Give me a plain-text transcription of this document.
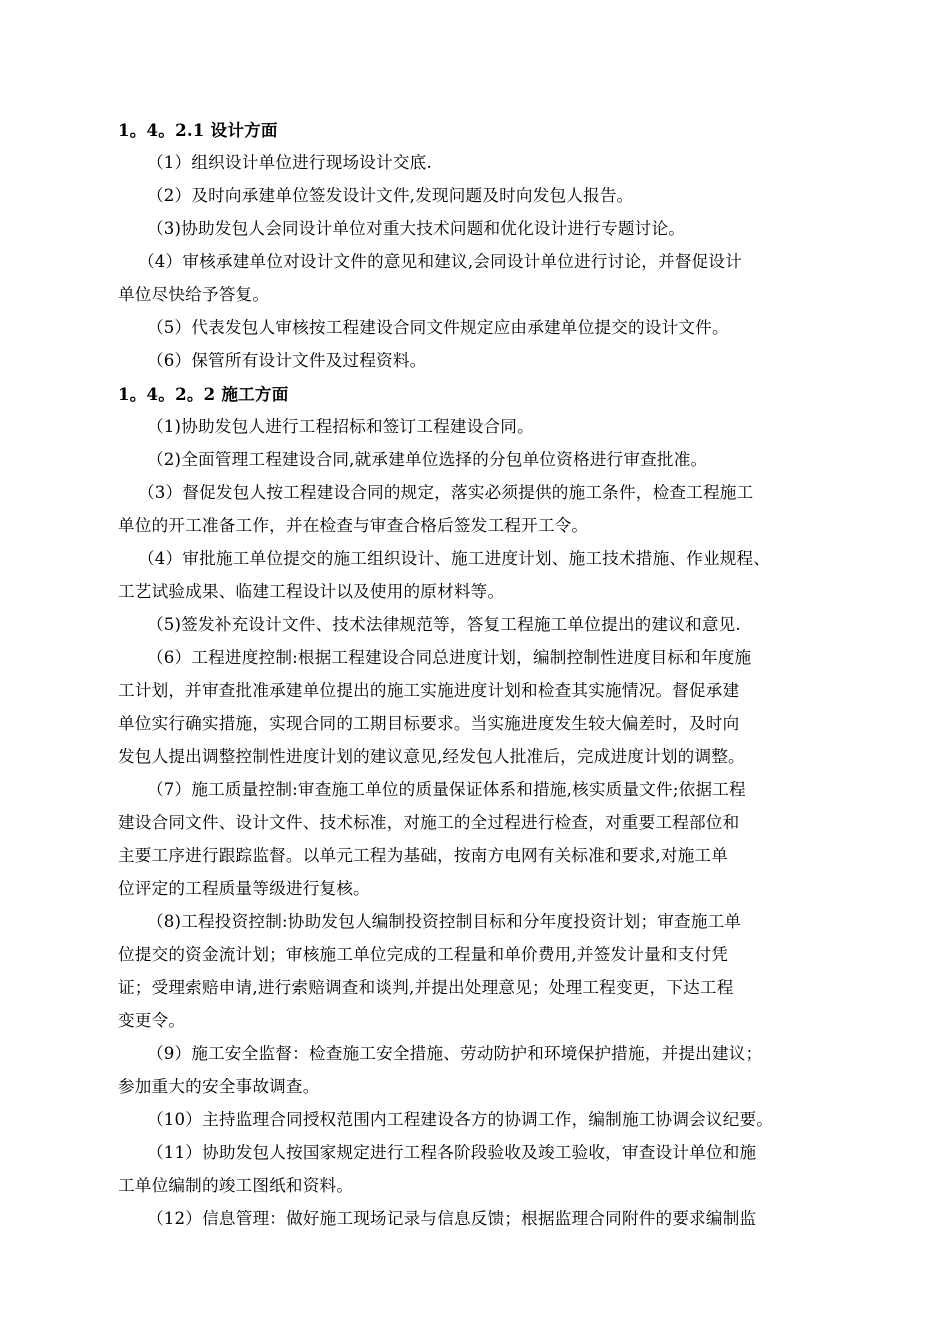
1。4。2.1 设计方面
（1）组织设计单位进行现场设计交底.
（2）及时向承建单位签发设计文件,发现问题及时向发包人报告。
（3)协助发包人会同设计单位对重大技术问题和优化设计进行专题讨论。
（4）审核承建单位对设计文件的意见和建议,会同设计单位进行讨论，并督促设计
单位尽快给予答复。
（5）代表发包人审核按工程建设合同文件规定应由承建单位提交的设计文件。
（6）保管所有设计文件及过程资料。
1。4。2。2 施工方面
（1)协助发包人进行工程招标和签订工程建设合同。
（2)全面管理工程建设合同,就承建单位选择的分包单位资格进行审查批准。
（3）督促发包人按工程建设合同的规定，落实必须提供的施工条件，检查工程施工
单位的开工准备工作，并在检查与审查合格后签发工程开工令。
（4）审批施工单位提交的施工组织设计、施工进度计划、施工技术措施、作业规程、
工艺试验成果、临建工程设计以及使用的原材料等。
（5)签发补充设计文件、技术法律规范等，答复工程施工单位提出的建议和意见.
（6）工程进度控制:根据工程建设合同总进度计划，编制控制性进度目标和年度施
工计划，并审查批准承建单位提出的施工实施进度计划和检查其实施情况。督促承建
单位实行确实措施，实现合同的工期目标要求。当实施进度发生较大偏差时，及时向
发包人提出调整控制性进度计划的建议意见,经发包人批准后，完成进度计划的调整。
（7）施工质量控制:审查施工单位的质量保证体系和措施,核实质量文件;依据工程
建设合同文件、设计文件、技术标准，对施工的全过程进行检查，对重要工程部位和
主要工序进行跟踪监督。以单元工程为基础，按南方电网有关标准和要求,对施工单
位评定的工程质量等级进行复核。
（8)工程投资控制:协助发包人编制投资控制目标和分年度投资计划；审查施工单
位提交的资金流计划；审核施工单位完成的工程量和单价费用,并签发计量和支付凭
证；受理索赔申请,进行索赔调查和谈判,并提出处理意见；处理工程变更，下达工程
变更令。
（9）施工安全监督：检查施工安全措施、劳动防护和环境保护措施，并提出建议；
参加重大的安全事故调查。
（10）主持监理合同授权范围内工程建设各方的协调工作，编制施工协调会议纪要。
（11）协助发包人按国家规定进行工程各阶段验收及竣工验收，审查设计单位和施
工单位编制的竣工图纸和资料。
（12）信息管理：做好施工现场记录与信息反馈；根据监理合同附件的要求编制监
